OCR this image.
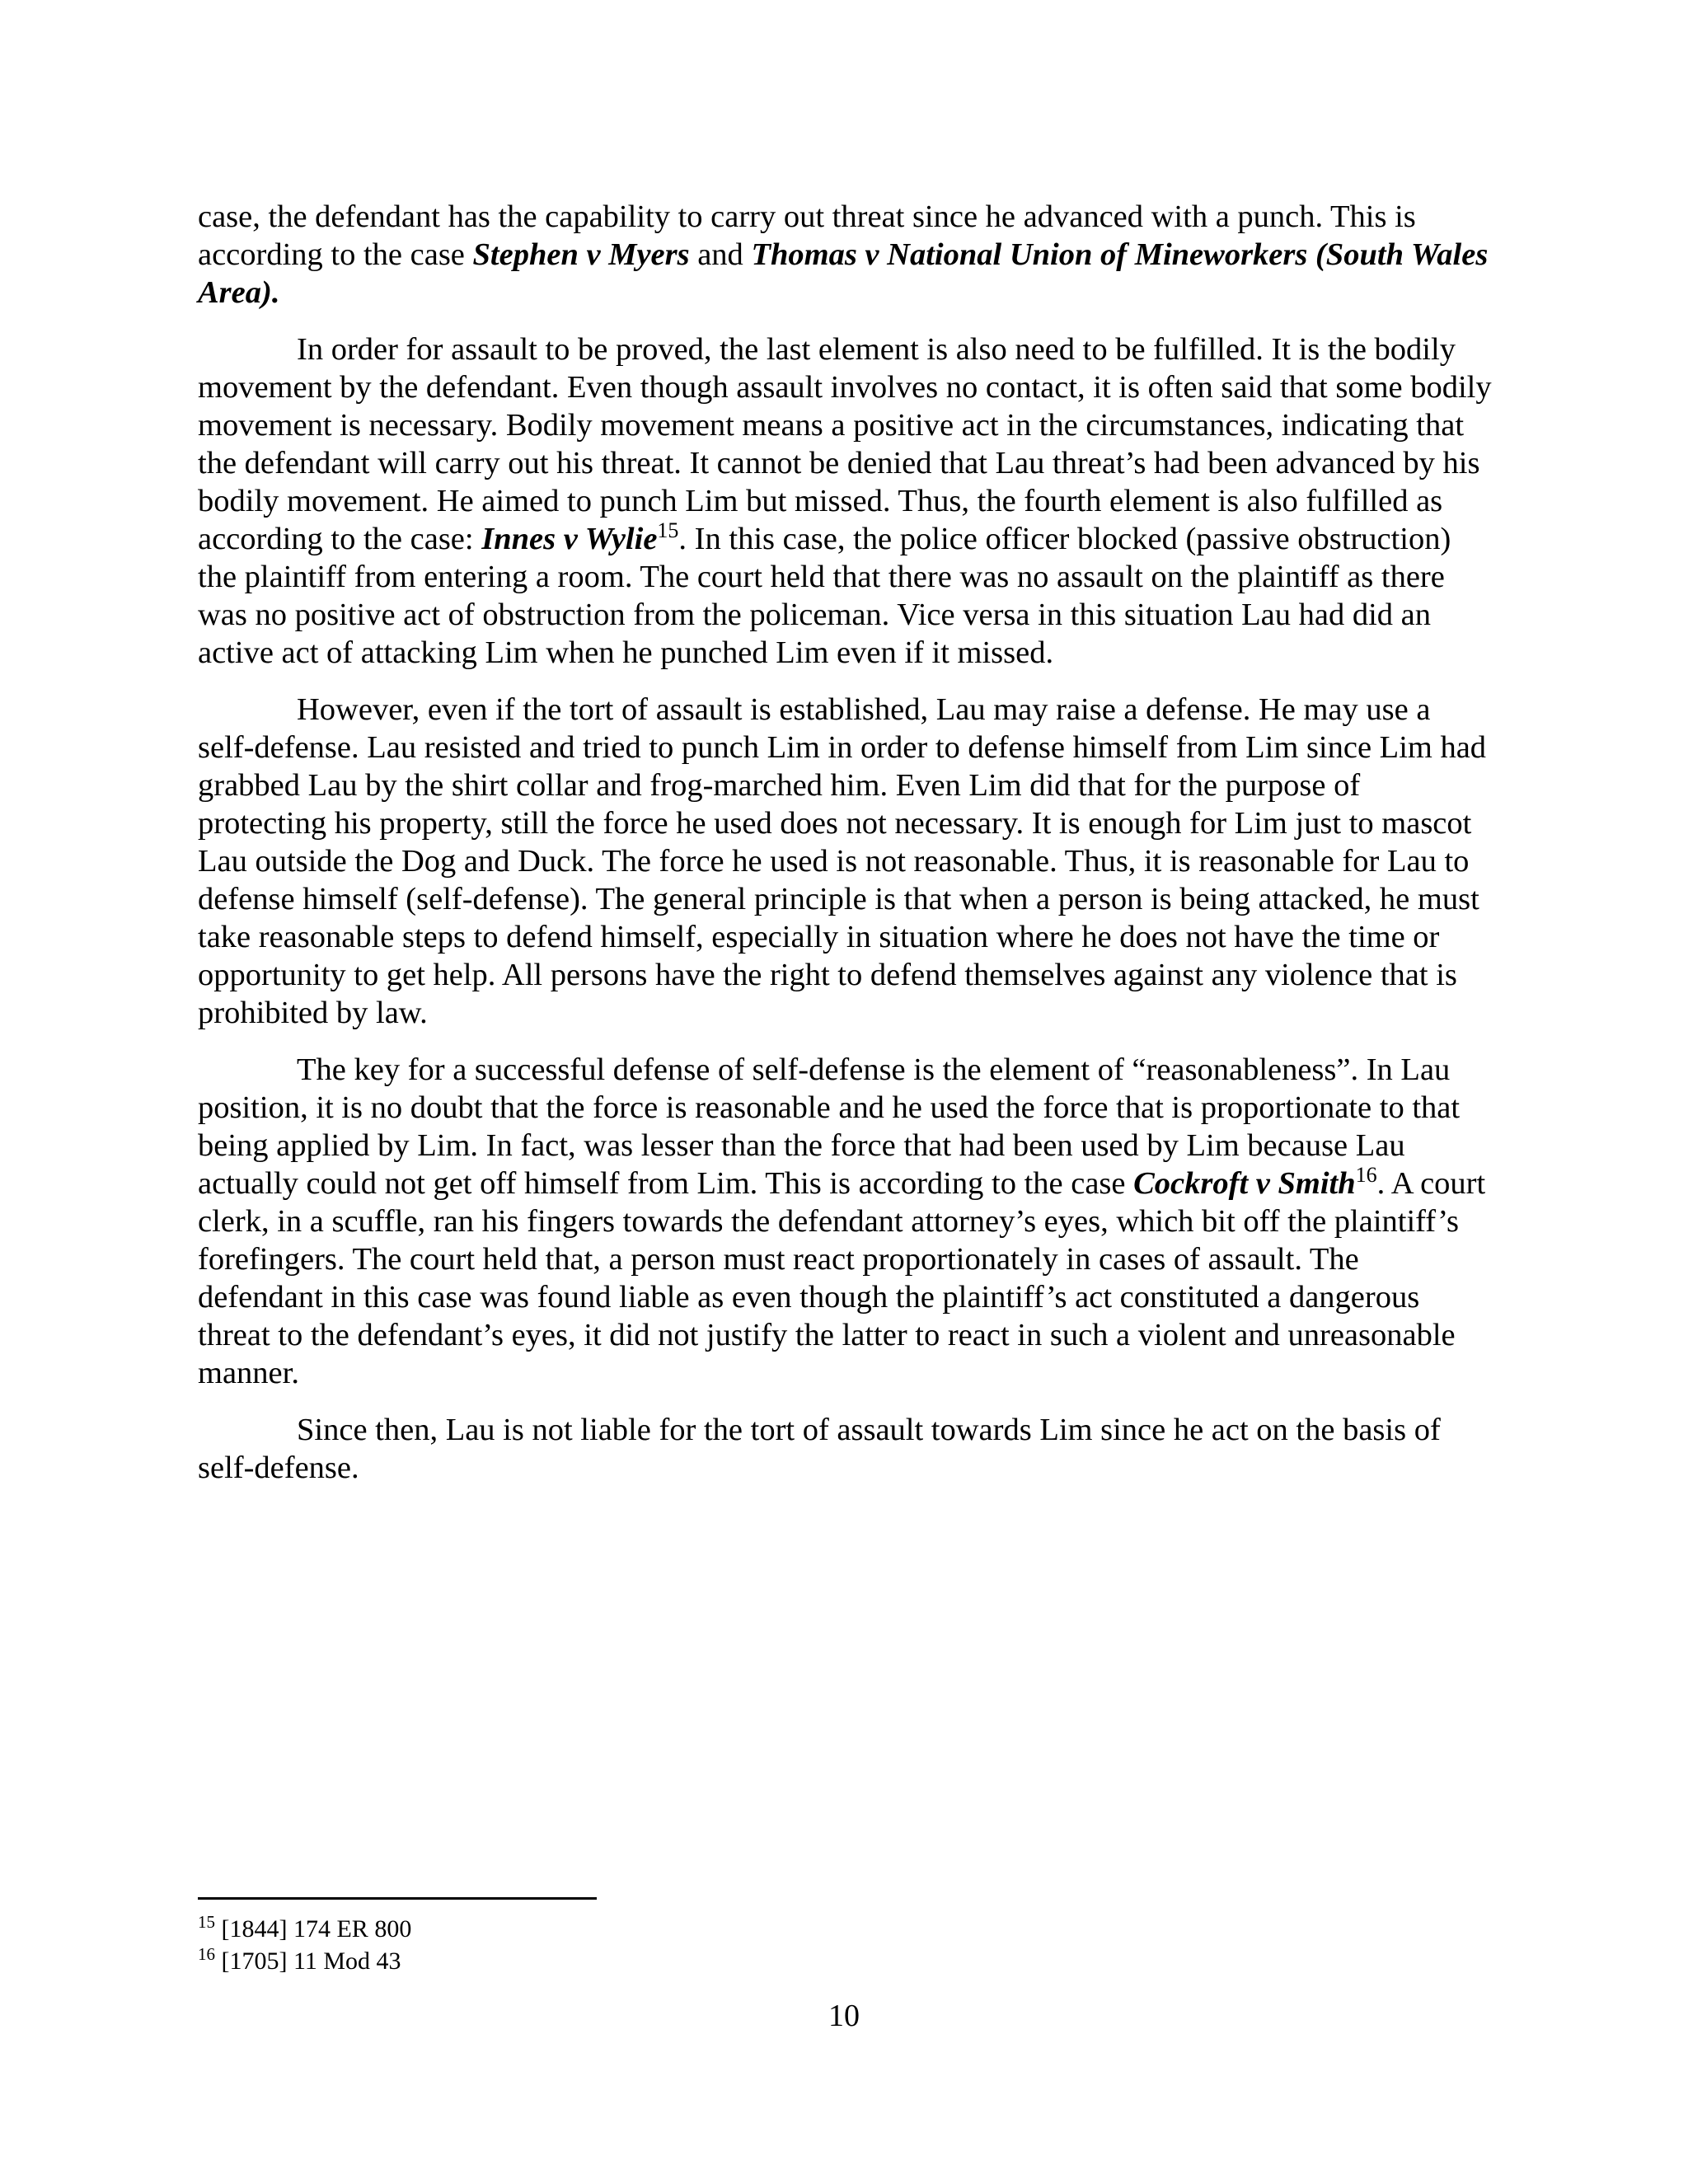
case, the defendant has the capability to carry out threat since he advanced with a punch. This is according to the case Stephen v Myers and Thomas v National Union of Mineworkers (South Wales Area).

In order for assault to be proved, the last element is also need to be fulfilled. It is the bodily movement by the defendant. Even though assault involves no contact, it is often said that some bodily movement is necessary. Bodily movement means a positive act in the circumstances, indicating that the defendant will carry out his threat. It cannot be denied that Lau threat’s had been advanced by his bodily movement. He aimed to punch Lim but missed. Thus, the fourth element is also fulfilled as according to the case: Innes v Wylie$^{15}$. In this case, the police officer blocked (passive obstruction) the plaintiff from entering a room. The court held that there was no assault on the plaintiff as there was no positive act of obstruction from the policeman. Vice versa in this situation Lau had did an active act of attacking Lim when he punched Lim even if it missed.

However, even if the tort of assault is established, Lau may raise a defense. He may use a self-defense. Lau resisted and tried to punch Lim in order to defense himself from Lim since Lim had grabbed Lau by the shirt collar and frog-marched him. Even Lim did that for the purpose of protecting his property, still the force he used does not necessary. It is enough for Lim just to mascot Lau outside the Dog and Duck. The force he used is not reasonable. Thus, it is reasonable for Lau to defense himself (self-defense). The general principle is that when a person is being attacked, he must take reasonable steps to defend himself, especially in situation where he does not have the time or opportunity to get help. All persons have the right to defend themselves against any violence that is prohibited by law.

The key for a successful defense of self-defense is the element of “reasonableness”. In Lau position, it is no doubt that the force is reasonable and he used the force that is proportionate to that being applied by Lim. In fact, was lesser than the force that had been used by Lim because Lau actually could not get off himself from Lim. This is according to the case Cockroft v Smith$^{16}$. A court clerk, in a scuffle, ran his fingers towards the defendant attorney’s eyes, which bit off the plaintiff’s forefingers. The court held that, a person must react proportionately in cases of assault. The defendant in this case was found liable as even though the plaintiff’s act constituted a dangerous threat to the defendant’s eyes, it did not justify the latter to react in such a violent and unreasonable manner.

Since then, Lau is not liable for the tort of assault towards Lim since he act on the basis of self-defense.

$^{15}$ [1844] 174 ER 800
$^{16}$ [1705] 11 Mod 43
10
